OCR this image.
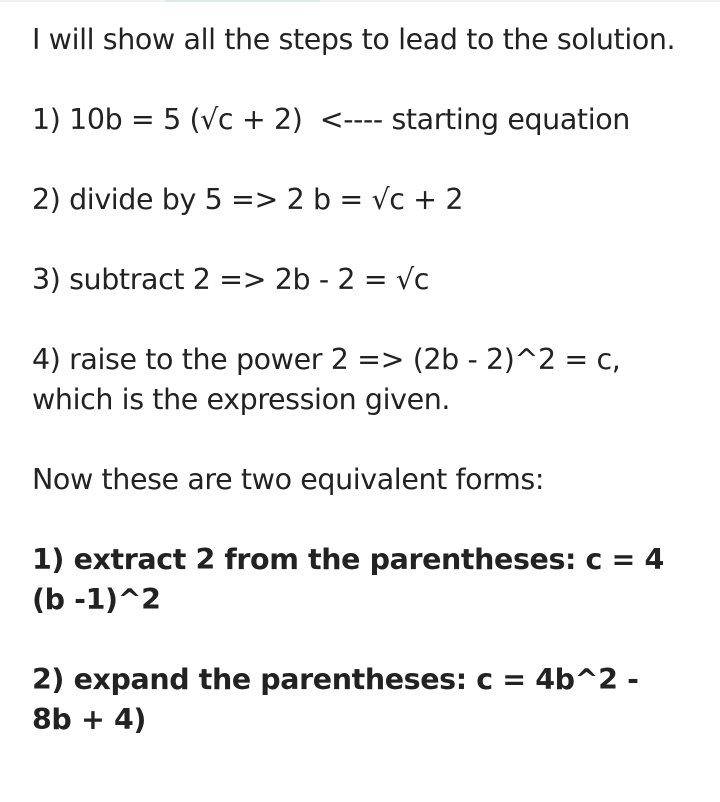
I will show all the steps to lead to the solution.

1) 10b = 5 (√c + 2)  <---- starting equation

2) divide by 5 => 2 b = √c + 2

3) subtract 2 => 2b - 2 = √c

4) raise to the power 2 => (2b - 2)^2 = c, which is the expression given.

Now these are two equivalent forms:

1) extract 2 from the parentheses: c = 4 (b -1)^2

2) expand the parentheses: c = 4b^2 - 8b + 4)
